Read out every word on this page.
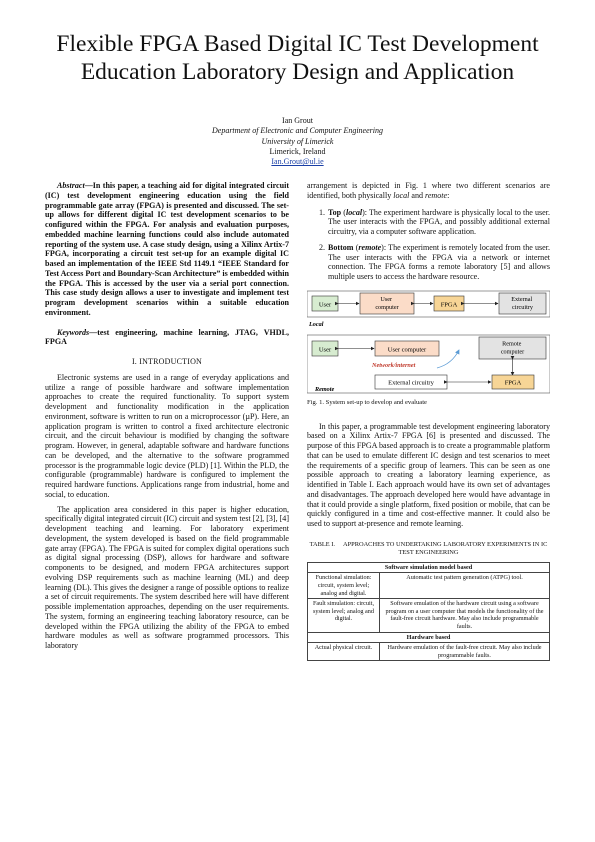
Flexible FPGA Based Digital IC Test Development Education Laboratory Design and Application
Ian Grout
Department of Electronic and Computer Engineering
University of Limerick
Limerick, Ireland
Ian.Grout@ul.ie

Abstract—In this paper, a teaching aid for digital integrated circuit (IC) test development engineering education using the field programmable gate array (FPGA) is presented and discussed. The set-up allows for different digital IC test development scenarios to be configured within the FPGA. For analysis and evaluation purposes, embedded machine learning functions could also include automated reporting of the system use. A case study design, using a Xilinx Artix-7 FPGA, incorporating a circuit test set-up for an example digital IC based an implementation of the IEEE Std 1149.1 “IEEE Standard for Test Access Port and Boundary-Scan Architecture” is embedded within the FPGA. This is accessed by the user via a serial port connection. This case study design allows a user to investigate and implement test program development scenarios within a suitable education environment.

Keywords—test engineering, machine learning, JTAG, VHDL, FPGA

I. INTRODUCTION

Electronic systems are used in a range of everyday applications and utilize a range of possible hardware and software implementation approaches to create the required functionality. To support system development and functionality modification in the application environment, software is written to run on a microprocessor (µP). Here, an application program is written to control a fixed architecture electronic circuit, and the circuit behaviour is modified by changing the software program. However, in general, adaptable software and hardware functions can be developed, and the alternative to the software programmed processor is the programmable logic device (PLD) [1]. Within the PLD, the configurable (programmable) hardware is configured to implement the required hardware functions. Applications range from industrial, home and social, to education.

The application area considered in this paper is higher education, specifically digital integrated circuit (IC) circuit and system test [2], [3], [4] development teaching and learning. For laboratory experiment development, the system developed is based on the field programmable gate array (FPGA). The FPGA is suited for complex digital operations such as digital signal processing (DSP), allows for hardware and software components to be designed, and modern FPGA architectures support evolving DSP requirements such as machine learning (ML) and deep learning (DL). This gives the designer a range of possible options to realize a set of circuit requirements. The system described here will have different possible implementation approaches, depending on the user requirements. The system, forming an engineering teaching laboratory resource, can be developed within the FPGA utilizing the ability of the FPGA to embed hardware modules as well as software programmed processors. This laboratory

arrangement is depicted in Fig. 1 where two different scenarios are identified, both physically local and remote:

1. Top (local): The experiment hardware is physically local to the user. The user interacts with the FPGA, and possibly additional external circuitry, via a computer software application.
2. Bottom (remote): The experiment is remotely located from the user. The user interacts with the FPGA via a network or internet connection. The FPGA forms a remote laboratory [5] and allows multiple users to access the hardware resource.
User
User computer	FPGA
External circuitry
Local
User	User computer
Remote computer
Network/internet
External circuitry	FPGA
Remote
Fig. 1. System set-up to develop and evaluate

In this paper, a programmable test development engineering laboratory based on a Xilinx Artix-7 FPGA [6] is presented and discussed. The purpose of this FPGA based approach is to create a programmable platform that can be used to emulate different IC design and test scenarios to meet the requirements of a specific group of learners. This can be seen as one possible approach to creating a laboratory learning experience, as identified in Table I. Each approach would have its own set of advantages and disadvantages. The approach developed here would have advantage in that it could provide a single platform, fixed position or mobile, that can be quickly configured in a time and cost-effective manner. It could also be used to support at-presence and remote learning.

TABLE I. APPROACHES TO UNDERTAKING LABORATORY EXPERIMENTS IN IC TEST ENGINEERING
Software simulation model based	
Functional simulation: circuit, system level; analog and digital.	Automatic test pattern generation (ATPG) tool.
Fault simulation: circuit, system level; analog and digital.	Software emulation of the hardware circuit using a software program on a user computer that models the functionality of the fault-free circuit hardware. May also include programmable faults.
Hardware based	
Actual physical circuit.	Hardware emulation of the fault-free circuit. May also include programmable faults.
